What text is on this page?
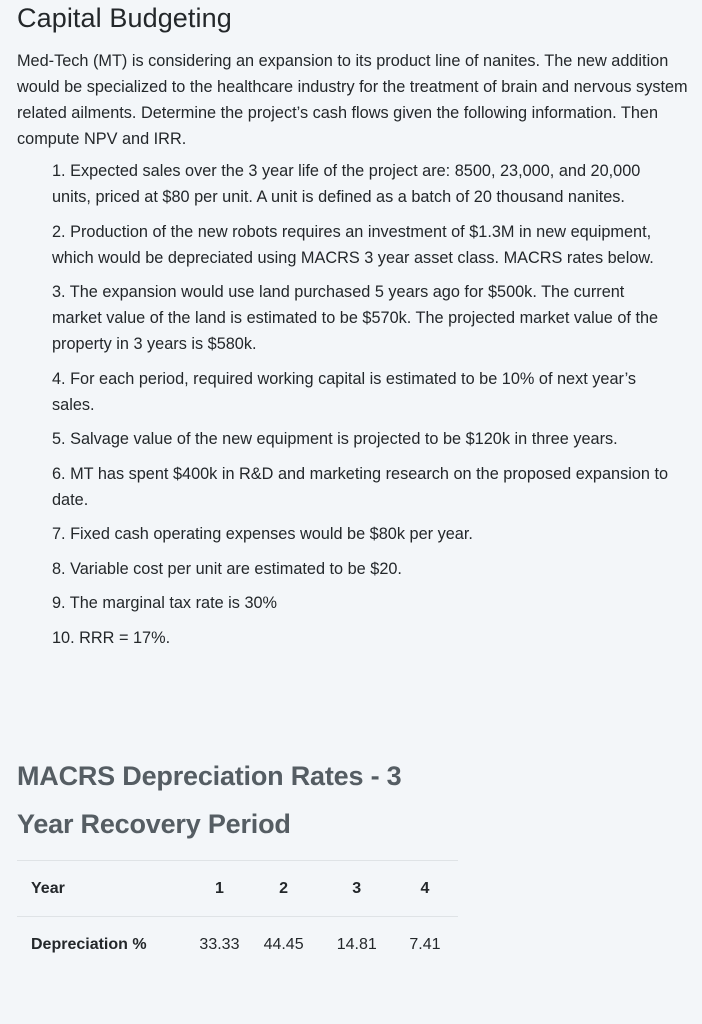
Capital Budgeting

Med-Tech (MT) is considering an expansion to its product line of nanites. The new addition would be specialized to the healthcare industry for the treatment of brain and nervous system related ailments. Determine the project’s cash flows given the following information. Then compute NPV and IRR.

1. Expected sales over the 3 year life of the project are: 8500, 23,000, and 20,000 units, priced at $80 per unit. A unit is defined as a batch of 20 thousand nanites.
2. Production of the new robots requires an investment of $1.3M in new equipment, which would be depreciated using MACRS 3 year asset class. MACRS rates below.
3. The expansion would use land purchased 5 years ago for $500k. The current market value of the land is estimated to be $570k. The projected market value of the property in 3 years is $580k.
4. For each period, required working capital is estimated to be 10% of next year’s sales.
5. Salvage value of the new equipment is projected to be $120k in three years.
6. MT has spent $400k in R&D and marketing research on the proposed expansion to date.
7. Fixed cash operating expenses would be $80k per year.
8. Variable cost per unit are estimated to be $20.
9. The marginal tax rate is 30%
10. RRR = 17%.
MACRS Depreciation Rates - 3 Year Recovery Period
Year	1	2	3	4
Depreciation %	33.33	44.45	14.81	7.41
